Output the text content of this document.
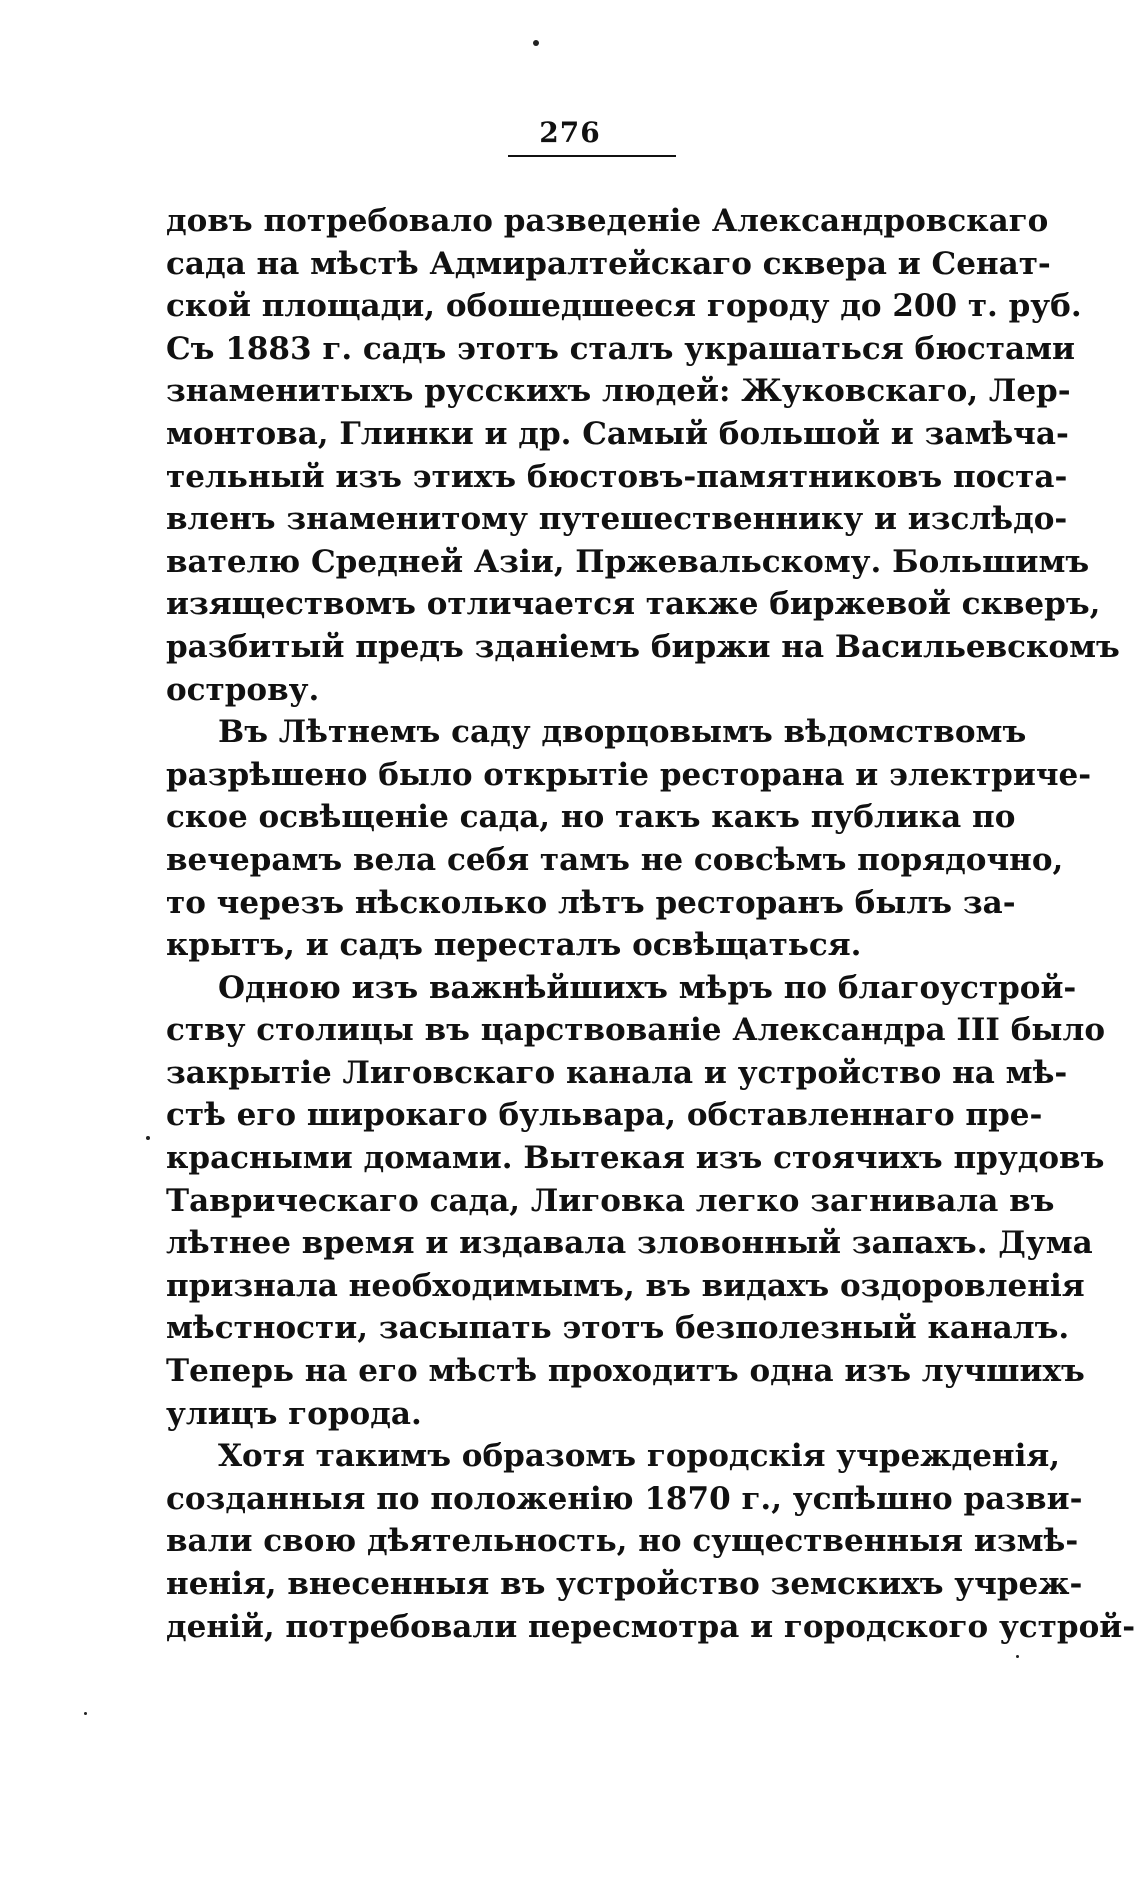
276
довъ потребовало разведеніе Александровскаго
сада на мѣстѣ Адмиралтейскаго сквера и Сенат-
ской площади, обошедшееся городу до 200 т. руб.
Съ 1883 г. садъ этотъ сталъ украшаться бюстами
знаменитыхъ русскихъ людей: Жуковскаго, Лер-
монтова, Глинки и др. Самый большой и замѣча-
тельный изъ этихъ бюстовъ-памятниковъ поста-
вленъ знаменитому путешественнику и изслѣдо-
вателю Средней Азіи, Пржевальскому. Большимъ
изяществомъ отличается также биржевой скверъ,
разбитый предъ зданіемъ биржи на Васильевскомъ
острову.
Въ Лѣтнемъ саду дворцовымъ вѣдомствомъ
разрѣшено было открытіе ресторана и электриче-
ское освѣщеніе сада, но такъ какъ публика по
вечерамъ вела себя тамъ не совсѣмъ порядочно,
то черезъ нѣсколько лѣтъ ресторанъ былъ за-
крытъ, и садъ пересталъ освѣщаться.
Одною изъ важнѣйшихъ мѣръ по благоустрой-
ству столицы въ царствованіе Александра III было
закрытіе Лиговскаго канала и устройство на мѣ-
стѣ его широкаго бульвара, обставленнаго пре-
красными домами. Вытекая изъ стоячихъ прудовъ
Таврическаго сада, Лиговка легко загнивала въ
лѣтнее время и издавала зловонный запахъ. Дума
признала необходимымъ, въ видахъ оздоровленія
мѣстности, засыпать этотъ безполезный каналъ.
Теперь на его мѣстѣ проходитъ одна изъ лучшихъ
улицъ города.
Хотя такимъ образомъ городскія учрежденія,
созданныя по положенію 1870 г., успѣшно разви-
вали свою дѣятельность, но существенныя измѣ-
ненія, внесенныя въ устройство земскихъ учреж-
деній, потребовали пересмотра и городского устрой-
